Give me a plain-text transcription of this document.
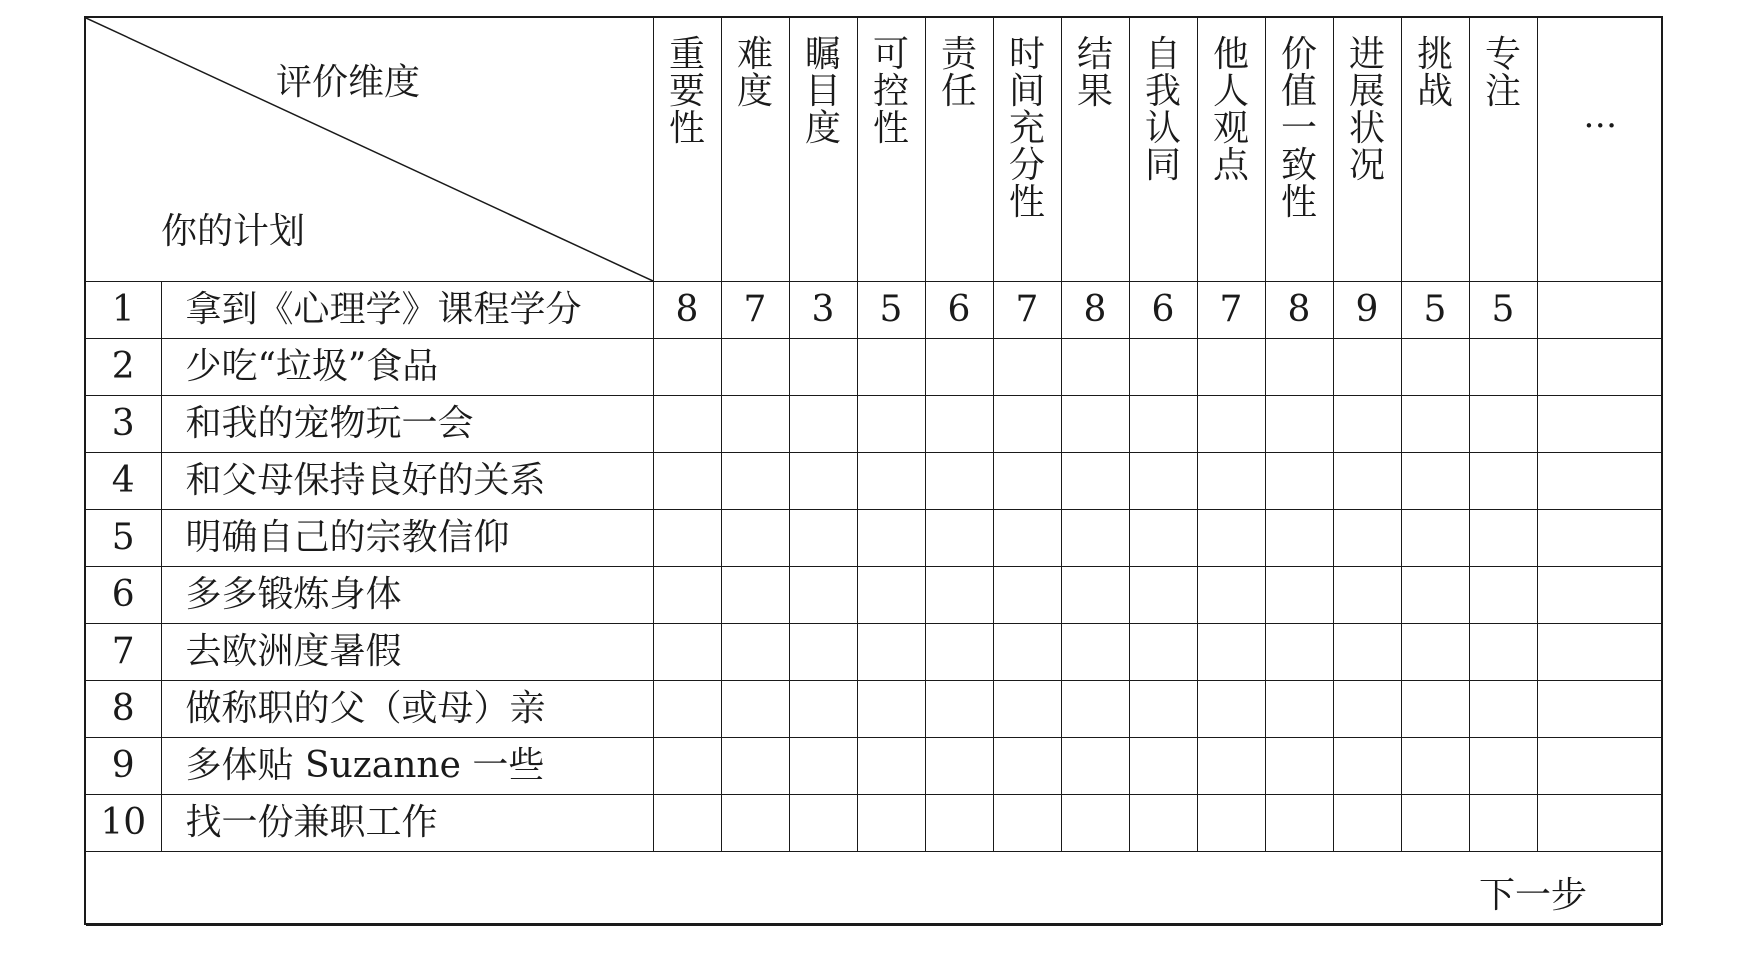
评价维度
你的计划		重要性	难度	瞩目度	可控性	责任	时间充分性	结果	自我认同	他人观点	价值一致性	进展状况	挑战	专注	…
1	拿到《心理学》课程学分	8	7	3	5	6	7	8	6	7	8	9	5	5	
2	少吃“垃圾”食品														
3	和我的宠物玩一会														
4	和父母保持良好的关系														
5	明确自己的宗教信仰														
6	多多锻炼身体														
7	去欧洲度暑假														
8	做称职的父（或母）亲														
9	多体贴 Suzanne 一些														
10	找一份兼职工作														
下一步															
